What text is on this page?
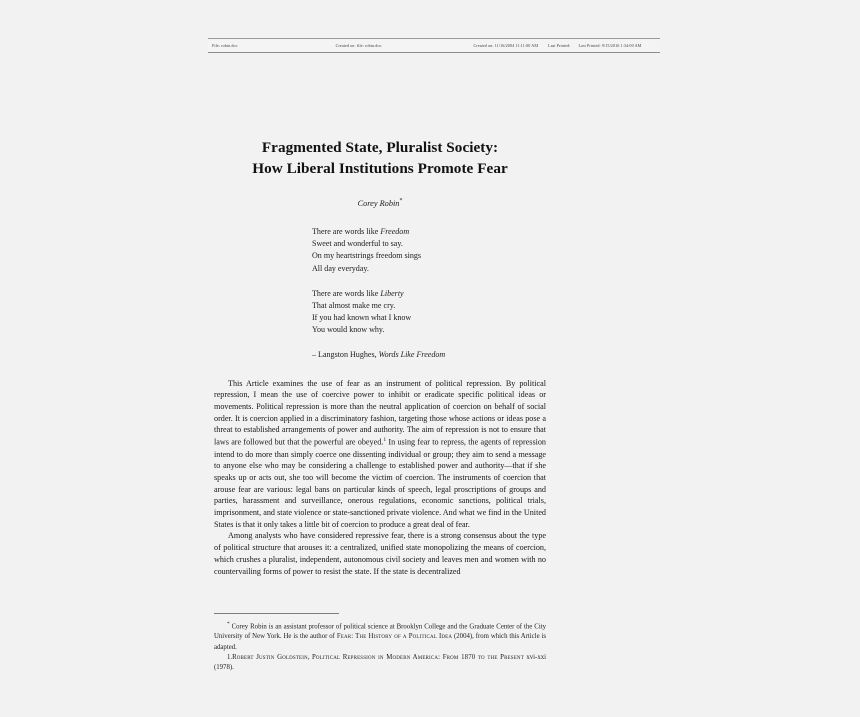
File: robin.doc	Created on: file: robin.doc	Created on: 11/16/2004 11:11:00 AM Last Printed: Last Printed: 9/15/2016 1:34:00 AM
Fragmented State, Pluralist Society:
How Liberal Institutions Promote Fear
Corey Robin*
There are words like Freedom
Sweet and wonderful to say.
On my heartstrings freedom sings
All day everyday.
There are words like Liberty
That almost make me cry.
If you had known what I know
You would know why.
– Langston Hughes, Words Like Freedom

This Article examines the use of fear as an instrument of political repression. By political repression, I mean the use of coercive power to inhibit or eradicate specific political ideas or movements. Political repression is more than the neutral application of coercion on behalf of social order. It is coercion applied in a discriminatory fashion, targeting those whose actions or ideas pose a threat to established arrangements of power and authority. The aim of repression is not to ensure that laws are followed but that the powerful are obeyed.$^1$ In using fear to repress, the agents of repression intend to do more than simply coerce one dissenting individual or group; they aim to send a message to anyone else who may be considering a challenge to established power and authority—that if she speaks up or acts out, she too will become the victim of coercion. The instruments of coercion that arouse fear are various: legal bans on particular kinds of speech, legal proscriptions of groups and parties, harassment and surveillance, onerous regulations, economic sanctions, political trials, imprisonment, and state violence or state-sanctioned private violence. And what we find in the United States is that it only takes a little bit of coercion to produce a great deal of fear.

Among analysts who have considered repressive fear, there is a strong consensus about the type of political structure that arouses it: a centralized, unified state monopolizing the means of coercion, which crushes a pluralist, independent, autonomous civil society and leaves men and women with no countervailing forms of power to resist the state. If the state is decentralized

* Corey Robin is an assistant professor of political science at Brooklyn College and the Graduate Center of the City University of New York. He is the author of Fear: The History of a Political Idea (2004), from which this Article is adapted.

1.Robert Justin Goldstein, Political Repression in Modern America: From 1870 to the Present xvi-xxi (1978).
